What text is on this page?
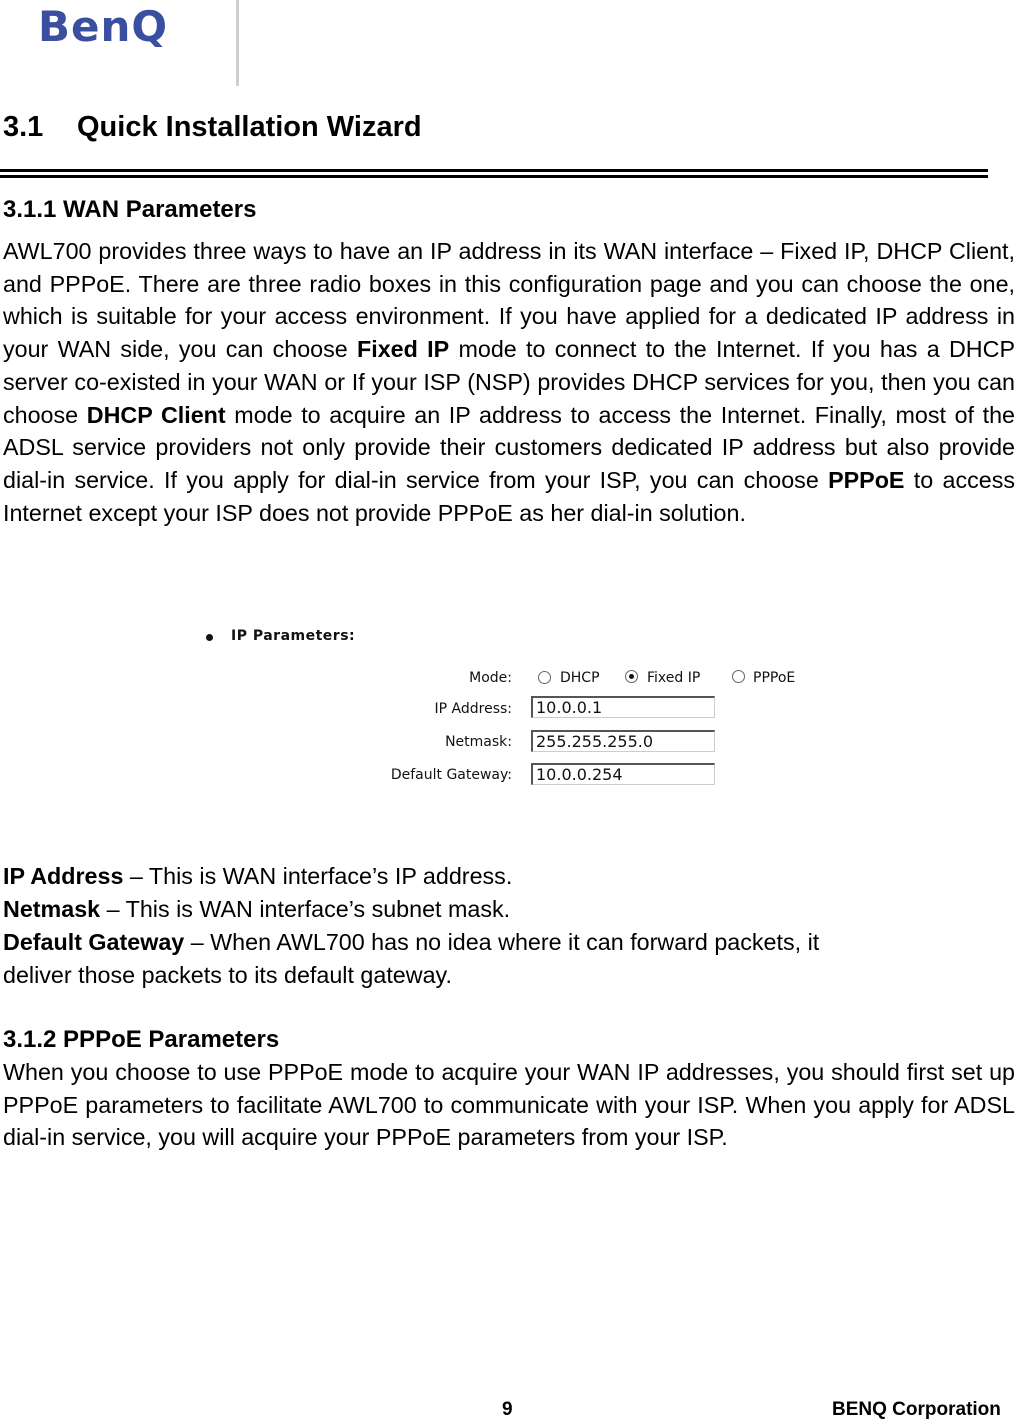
BenQ
3.1 Quick Installation Wizard
3.1.1 WAN Parameters

AWL700 provides three ways to have an IP address in its WAN interface – Fixed IP, DHCP Client, and PPPoE. There are three radio boxes in this configuration page and you can choose the one, which is suitable for your access environment. If you have applied for a dedicated IP address in your WAN side, you can choose Fixed IP mode to connect to the Internet. If you has a DHCP server co-existed in your WAN or If your ISP (NSP) provides DHCP services for you, then you can choose DHCP Client mode to acquire an IP address to access the Internet. Finally, most of the ADSL service providers not only provide their customers dedicated IP address but also provide dial-in service. If you apply for dial-in service from your ISP, you can choose PPPoE to access Internet except your ISP does not provide PPPoE as her dial-in solution.

IP Parameters:
Mode:	DHCP	Fixed IP	PPPoE
IP Address:	10.0.0.1
Netmask:	255.255.255.0
Default Gateway:	10.0.0.254
IP Address – This is WAN interface’s IP address.
Netmask – This is WAN interface’s subnet mask.
Default Gateway – When AWL700 has no idea where it can forward packets, it
deliver those packets to its default gateway.
3.1.2 PPPoE Parameters

When you choose to use PPPoE mode to acquire your WAN IP addresses, you should first set up PPPoE parameters to facilitate AWL700 to communicate with your ISP. When you apply for ADSL dial-in service, you will acquire your PPPoE parameters from your ISP.

9	BENQ Corporation
